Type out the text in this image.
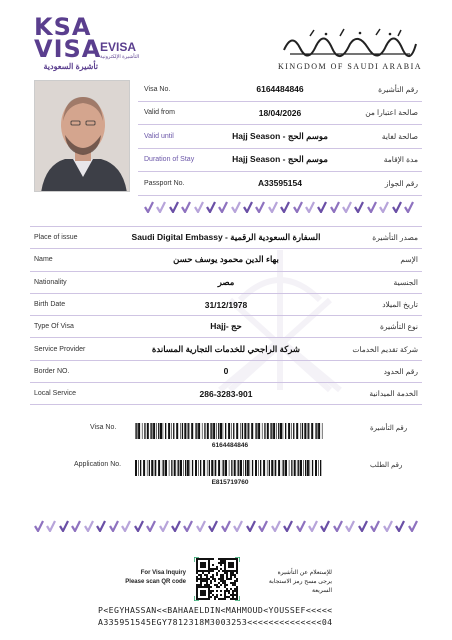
KSA
VISA
تأشيرة السعودية
EVISA
التأشيرة الإلكترونية
KINGDOM OF SAUDI ARABIA
Visa No.	6164484846	رقم التأشيرة
Valid from	18/04/2026	صالحة اعتبارا من
Valid until	Hajj Season - موسم الحج	صالحة لغاية
Duration of Stay	Hajj Season - موسم الحج	مدة الإقامة
Passport No.	A33595154	رقم الجواز
Place of issue	Saudi Digital Embassy - السفارة السعودية الرقمية	مصدر التأشيرة
Name	بهاء الدين محمود يوسف حسن	الإسم
Nationality	مصر	الجنسية
Birth Date	31/12/1978	تاريخ الميلاد
Type Of Visa	Hajj- حج	نوع التأشيرة
Service Provider	شركة الراجحي للخدمات التجارية المساندة	شركة تقديم الخدمات
Border NO.	0	رقم الحدود
Local Service	286-3283-901	الخدمة الميدانية
Visa No.	رقم التأشيرة
6164484846
Application No.	رقم الطلب
E815719760
For Visa Inquiry
Please scan QR code
للإستعلام عن التأشيرة
يرجى مسح رمز الاستجابة السريعة
P<EGYHASSAN<<BAHAAELDIN<MAHMOUD<YOUSSEF<<<<<
A335951545EGY7812318M3003253<<<<<<<<<<<<<<04
